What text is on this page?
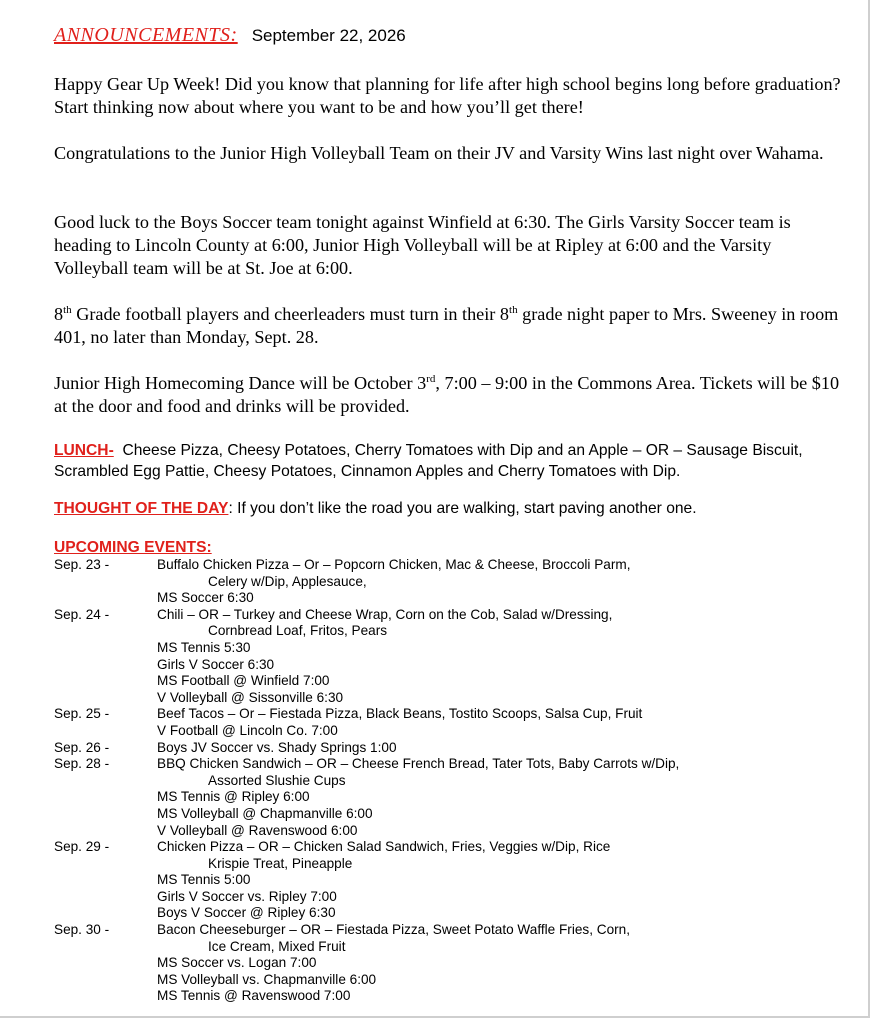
ANNOUNCEMENTS: September 22, 2026

Happy Gear Up Week! Did you know that planning for life after high school begins long before graduation? Start thinking now about where you want to be and how you’ll get there!

Congratulations to the Junior High Volleyball Team on their JV and Varsity Wins last night over Wahama.

Good luck to the Boys Soccer team tonight against Winfield at 6:30. The Girls Varsity Soccer team is heading to Lincoln County at 6:00, Junior High Volleyball will be at Ripley at 6:00 and the Varsity Volleyball team will be at St. Joe at 6:00.

8th Grade football players and cheerleaders must turn in their 8th grade night paper to Mrs. Sweeney in room 401, no later than Monday, Sept. 28.

Junior High Homecoming Dance will be October 3rd, 7:00 – 9:00 in the Commons Area. Tickets will be $10 at the door and food and drinks will be provided.

LUNCH- Cheese Pizza, Cheesy Potatoes, Cherry Tomatoes with Dip and an Apple – OR – Sausage Biscuit, Scrambled Egg Pattie, Cheesy Potatoes, Cinnamon Apples and Cherry Tomatoes with Dip.

THOUGHT OF THE DAY: If you don’t like the road you are walking, start paving another one.

UPCOMING EVENTS:

Sep. 23 -	Buffalo Chicken Pizza – Or – Popcorn Chicken, Mac & Cheese, Broccoli Parm,
Celery w/Dip, Applesauce,
MS Soccer 6:30
Sep. 24 -	Chili – OR – Turkey and Cheese Wrap, Corn on the Cob, Salad w/Dressing,
Cornbread Loaf, Fritos, Pears
MS Tennis 5:30
Girls V Soccer 6:30
MS Football @ Winfield 7:00
V Volleyball @ Sissonville 6:30
Sep. 25 -	Beef Tacos – Or – Fiestada Pizza, Black Beans, Tostito Scoops, Salsa Cup, Fruit
V Football @ Lincoln Co. 7:00
Sep. 26 -	Boys JV Soccer vs. Shady Springs 1:00
Sep. 28 -	BBQ Chicken Sandwich – OR – Cheese French Bread, Tater Tots, Baby Carrots w/Dip,
Assorted Slushie Cups
MS Tennis @ Ripley 6:00
MS Volleyball @ Chapmanville 6:00
V Volleyball @ Ravenswood 6:00
Sep. 29 -	Chicken Pizza – OR – Chicken Salad Sandwich, Fries, Veggies w/Dip, Rice
Krispie Treat, Pineapple
MS Tennis 5:00
Girls V Soccer vs. Ripley 7:00
Boys V Soccer @ Ripley 6:30
Sep. 30 -	Bacon Cheeseburger – OR – Fiestada Pizza, Sweet Potato Waffle Fries, Corn,
Ice Cream, Mixed Fruit
MS Soccer vs. Logan 7:00
MS Volleyball vs. Chapmanville 6:00
MS Tennis @ Ravenswood 7:00
